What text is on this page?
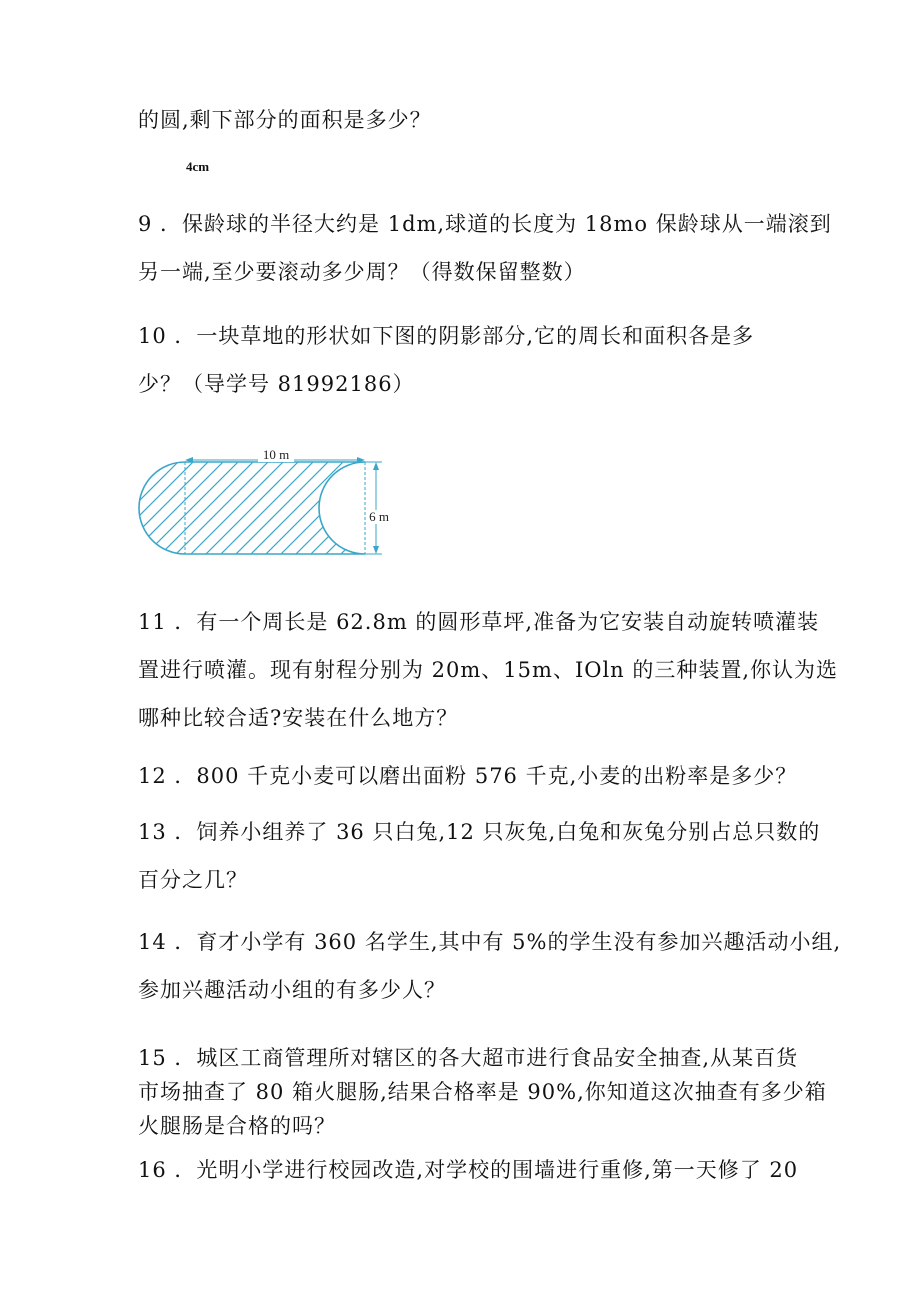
的圆,剩下部分的面积是多少？
4cm
9 ．保龄球的半径大约是 1dm,球道的长度为 18mo 保龄球从一端滚到
另一端,至少要滚动多少周？（得数保留整数）
10 ．一块草地的形状如下图的阴影部分,它的周长和面积各是多
少？（导学号 81992186）
10 m
6 m
11 ．有一个周长是 62.8m 的圆形草坪,准备为它安装自动旋转喷灌装
置进行喷灌。现有射程分别为 20m、15m、IOln 的三种装置,你认为选
哪种比较合适?安装在什么地方？
12 ．800 千克小麦可以磨出面粉 576 千克,小麦的出粉率是多少？
13 ．饲养小组养了 36 只白兔,12 只灰兔,白兔和灰兔分别占总只数的
百分之几？
14 ．育才小学有 360 名学生,其中有 5%的学生没有参加兴趣活动小组,
参加兴趣活动小组的有多少人？
15 ．城区工商管理所对辖区的各大超市进行食品安全抽查,从某百货
市场抽查了 80 箱火腿肠,结果合格率是 90%,你知道这次抽查有多少箱
火腿肠是合格的吗？
16 ．光明小学进行校园改造,对学校的围墙进行重修,第一天修了 20
